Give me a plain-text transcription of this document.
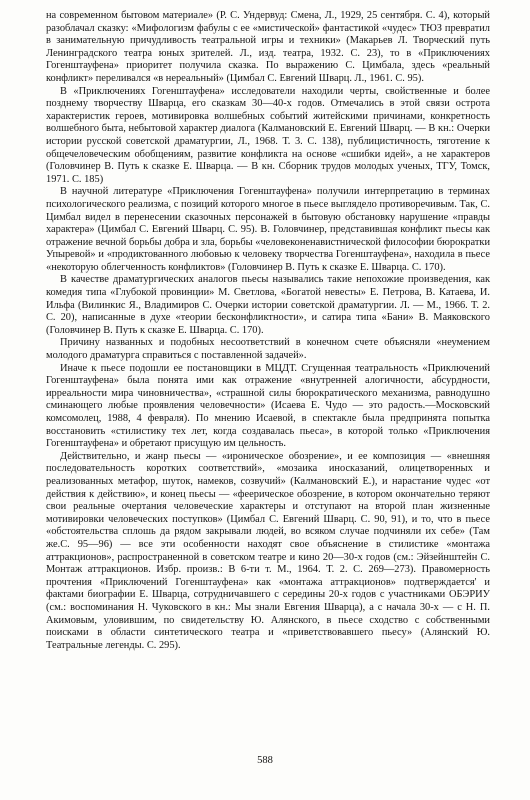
на современном бытовом материале» (Р. С. Ундервуд: Смена, Л., 1929, 25 сентября. С. 4), который разоблачал сказку: «Мифологизм фабулы с ее «мистической» фантастикой «чудес» ТЮЗ превратил в занимательную причудливость театральной игры и техники» (Макарьев Л. Творческий путь Ленинградского театра юных зрителей. Л., изд. театра, 1932. С. 23), то в «Приключениях Гогенштауфена» приоритет получила сказка. По выражению С. Цимбала, здесь «реальный конфликт» переливался «в нереальный» (Цимбал С. Евгений Шварц. Л., 1961. С. 95).

В «Приключениях Гогенштауфена» исследователи находили черты, свойственные и более позднему творчеству Шварца, его сказкам 30—40-х годов. Отмечались в этой связи острота характеристик героев, мотивировка волшебных событий житейскими причинами, конкретность волшебного быта, небытовой характер диалога (Калмановский Е. Евгений Шварц. — В кн.: Очерки истории русской советской драматургии, Л., 1968. Т. 3. С. 138), публицистичность, тяготение к общечеловеческим обобщениям, развитие конфликта на основе «сшибки идей», а не характеров (Головчинер В. Путь к сказке Е. Шварца. — В кн. Сборник трудов молодых ученых, ТГУ, Томск, 1971. С. 185)

В научной литературе «Приключения Гогенштауфена» получили интерпретацию в терминах психологического реализма, с позиций которого многое в пьесе выглядело противоречивым. Так, С. Цимбал видел в перенесении сказочных персонажей в бытовую обстановку нарушение «правды характера» (Цимбал С. Евгений Шварц. С. 95). В. Головчинер, представившая конфликт пьесы как отражение вечной борьбы добра и зла, борьбы «человеконенавистнической философии бюрократки Упыревой» и «продиктованного любовью к человеку творчества Гогенштауфена», находила в пьесе «некоторую облегченность конфликтов» (Головчинер В. Путь к сказке Е. Шварца. С. 170).

В качестве драматургических аналогов пьесы назывались такие непохожие произведения, как комедия типа «Глубокой провинции» М. Светлова, «Богатой невесты» Е. Петрова, В. Катаева, И. Ильфа (Вилинкис Я., Владимиров С. Очерки истории советской драматургии. Л. — М., 1966. Т. 2. С. 20), написанные в духе «теории бесконфликтности», и сатира типа «Бани» В. Маяковского (Головчинер В. Путь к сказке Е. Шварца. С. 170).

Причину названных и подобных несоответствий в конечном счете объясняли «неумением молодого драматурга справиться с поставленной задачей».

Иначе к пьесе подошли ее постановщики в МЦДТ. Сгущенная театральность «Приключений Гогенштауфена» была понята ими как отражение «внутренней алогичности, абсурдности, ирреальности мира чиновничества», «страшной силы бюрократического механизма, равнодушно сминающего любые проявления человечности» (Исаева Е. Чудо — это радость.—Московский комсомолец, 1988, 4 февраля). По мнению Исаевой, в спектакле была предпринята попытка восстановить «стилистику тех лет, когда создавалась пьеса», в которой только «Приключения Гогенштауфена» и обретают присущую им цельность.

Действительно, и жанр пьесы — «ироническое обозрение», и ее композиция — «внешняя последовательность коротких соответствий», «мозаика иносказаний, олицетворенных и реализованных метафор, шуток, намеков, созвучий» (Калмановский Е.), и нарастание чудес «от действия к действию», и конец пьесы — «феерическое обозрение, в котором окончательно теряют свои реальные очертания человеческие характеры и отступают на второй план жизненные мотивировки человеческих поступков» (Цимбал С. Евгений Шварц. С. 90, 91), и то, что в пьесе «обстоятельства сплошь да рядом закрывали людей, во всяком случае подчиняли их себе» (Там же.С. 95—96) — все эти особенности находят свое объяснение в стилистике «монтажа аттракционов», распространенной в советском театре и кино 20—30-х годов (см.: Эйзейнштейн С. Монтаж аттракционов. Избр. произв.: В 6-ти т. М., 1964. Т. 2. С. 269—273). Правомерность прочтения «Приключений Гогенштауфена» как «монтажа аттракционов» подтверждается' и фактами биографии Е. Шварца, сотрудничавшего с середины 20-х годов с участниками ОБЭРИУ (см.: воспоминания Н. Чуковского в кн.: Мы знали Евгения Шварца), а с начала 30-х — с Н. П. Акимовым, уловившим, по свидетельству Ю. Алянского, в пьесе сходство с собственными поисками в области синтетического театра и «приветствовавшего пьесу» (Алянский Ю. Театральные легенды. С. 295).

588
